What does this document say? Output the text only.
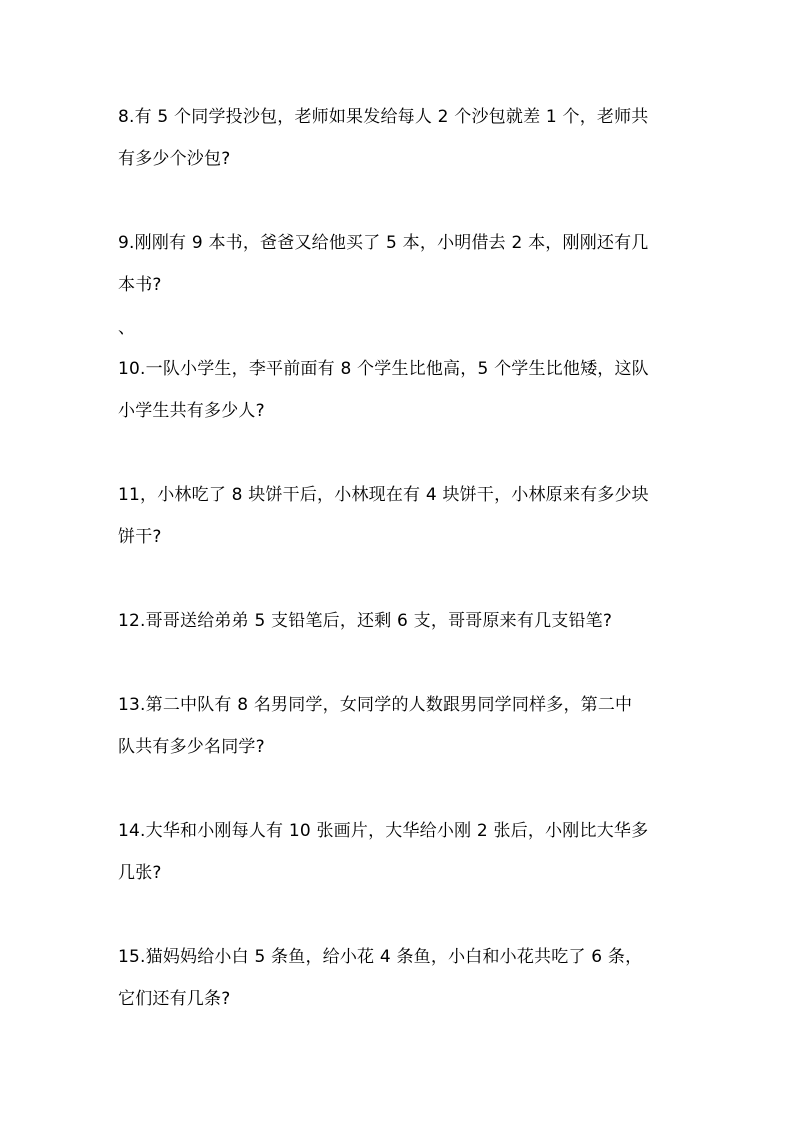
8.有 5 个同学投沙包，老师如果发给每人 2 个沙包就差 1 个，老师共
有多少个沙包?
9.刚刚有 9 本书，爸爸又给他买了 5 本，小明借去 2 本，刚刚还有几
本书?
、
10.一队小学生，李平前面有 8 个学生比他高，5 个学生比他矮，这队
小学生共有多少人?
11，小林吃了 8 块饼干后，小林现在有 4 块饼干，小林原来有多少块
饼干?
12.哥哥送给弟弟 5 支铅笔后，还剩 6 支，哥哥原来有几支铅笔?
13.第二中队有 8 名男同学，女同学的人数跟男同学同样多，第二中
队共有多少名同学?
14.大华和小刚每人有 10 张画片，大华给小刚 2 张后，小刚比大华多
几张?
15.猫妈妈给小白 5 条鱼，给小花 4 条鱼，小白和小花共吃了 6 条，
它们还有几条?
